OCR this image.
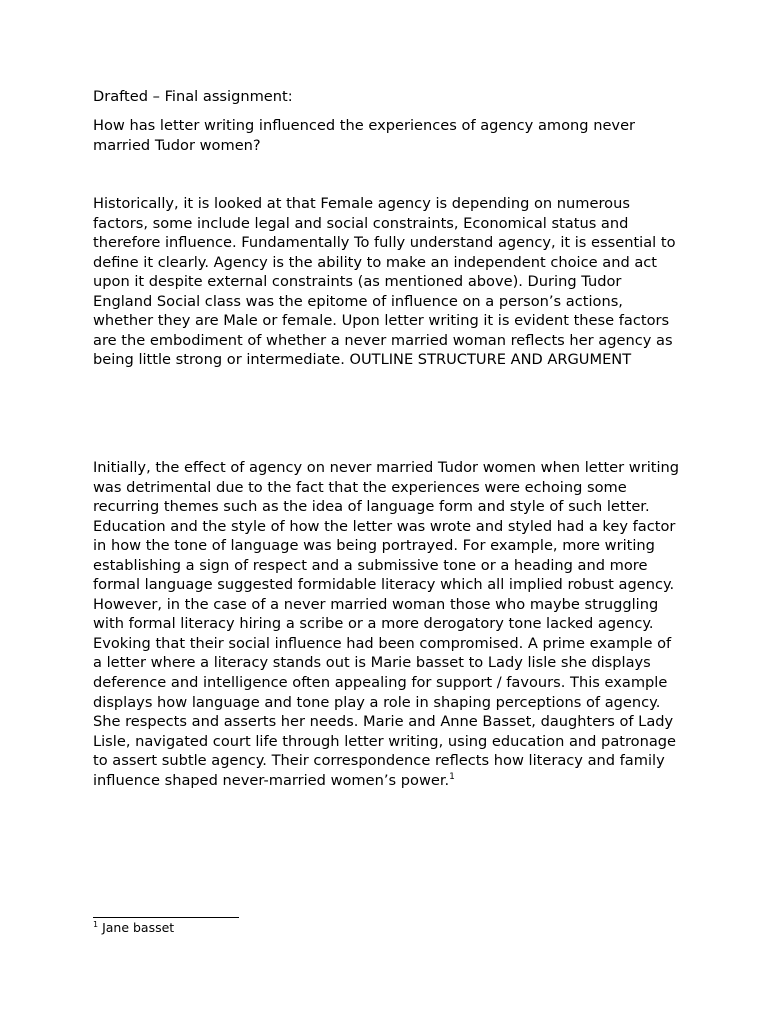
Drafted – Final assignment:

How has letter writing influenced the experiences of agency among never married Tudor women?

Historically, it is looked at that Female agency is depending on numerous factors, some include legal and social constraints, Economical status and therefore influence. Fundamentally To fully understand agency, it is essential to define it clearly. Agency is the ability to make an independent choice and act upon it despite external constraints (as mentioned above). During Tudor England Social class was the epitome of influence on a person’s actions, whether they are Male or female. Upon letter writing it is evident these factors are the embodiment of whether a never married woman reflects her agency as being little strong or intermediate. OUTLINE STRUCTURE AND ARGUMENT

Initially, the effect of agency on never married Tudor women when letter writing was detrimental due to the fact that the experiences were echoing some recurring themes such as the idea of language form and style of such letter. Education and the style of how the letter was wrote and styled had a key factor in how the tone of language was being portrayed. For example, more writing establishing a sign of respect and a submissive tone or a heading and more formal language suggested formidable literacy which all implied robust agency. However, in the case of a never married woman those who maybe struggling with formal literacy hiring a scribe or a more derogatory tone lacked agency. Evoking that their social influence had been compromised. A prime example of a letter where a literacy stands out is Marie basset to Lady lisle she displays deference and intelligence often appealing for support / favours. This example displays how language and tone play a role in shaping perceptions of agency. She respects and asserts her needs. Marie and Anne Basset, daughters of Lady Lisle, navigated court life through letter writing, using education and patronage to assert subtle agency. Their correspondence reflects how literacy and family influence shaped never-married women’s power.$^1$

$^1$ Jane basset
